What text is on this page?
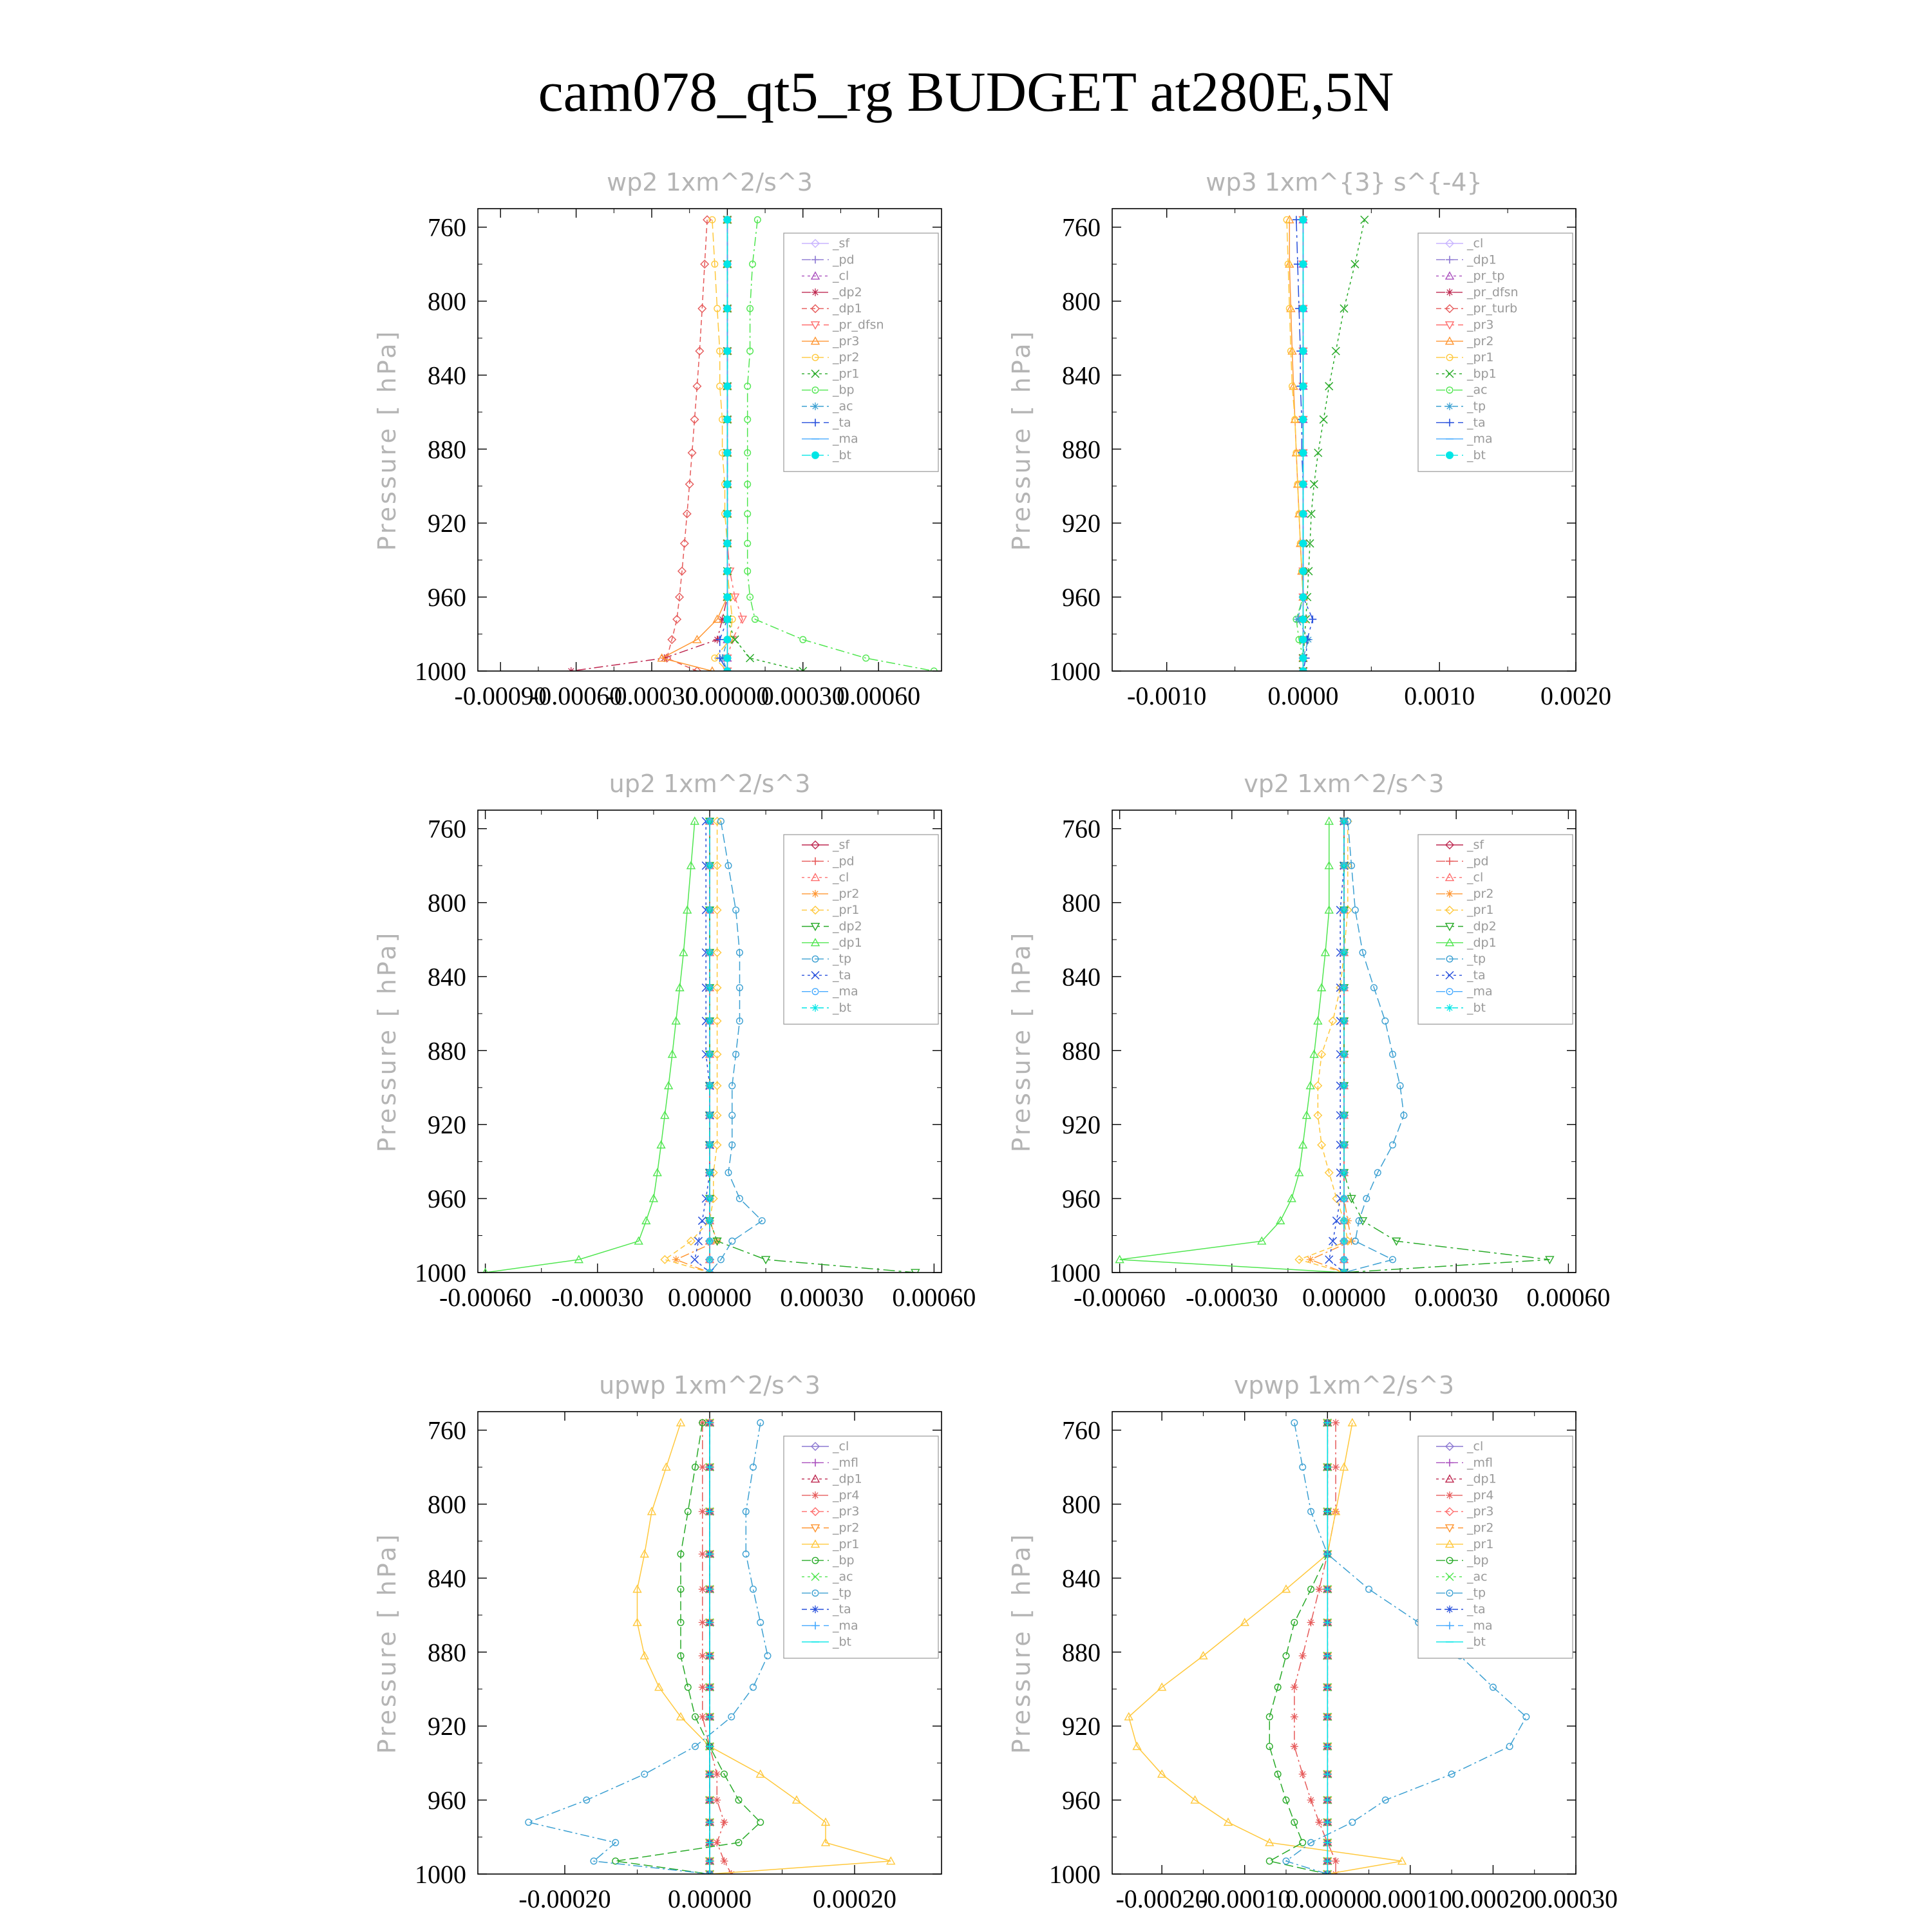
cam078_qt5_rg BUDGET at280E,5N
wp2 1xm^2/s^3
Pressure [ hPa]
760
800
840
880
920
960
1000
-0.00090
-0.00060
-0.00030
0.00000
0.00030
0.00060
_sf
_pd
_cl
_dp2
_dp1
_pr_dfsn
_pr3
_pr2
_pr1
_bp
_ac
_ta
_ma
_bt
wp3 1xm^{3} s^{-4}
Pressure [ hPa]
760
800
840
880
920
960
1000
-0.0010 0.0000	0.0010	0.0020
_cl
_dp1
_pr_tp
_pr_dfsn
_pr_turb
_pr3
_pr2
_pr1
_bp1
_ac
_tp
_ta
_ma
_bt
up2 1xm^2/s^3
Pressure [ hPa]
760
800
840
880
920
960
1000
-0.00060 -0.00030 0.00000 0.00030 0.00060
_sf
_pd
_cl
_pr2
_pr1
_dp2
_dp1
_tp
_ta
_ma
_bt
vp2 1xm^2/s^3
Pressure [ hPa]
760
800
840
880
920
960
1000
-0.00060 -0.00030 0.00000 0.00030 0.00060
_sf
_pd
_cl
_pr2
_pr1
_dp2
_dp1
_tp
_ta
_ma
_bt
upwp 1xm^2/s^3
Pressure [ hPa]
760
800
840
880
920
960
1000
-0.00020 0.00000 0.00020
_cl
_mfl
_dp1
_pr4
_pr3
_pr2
_pr1
_bp
_ac
_tp
_ta
_ma
_bt
vpwp 1xm^2/s^3
Pressure [ hPa]
760
800
840
880
920
960
1000
-0.00020
-0.00010
0.00000
0.00010
0.00020
0.00030
_cl
_mfl
_dp1
_pr4
_pr3
_pr2
_pr1
_bp
_ac
_tp
_ta
_ma
_bt
